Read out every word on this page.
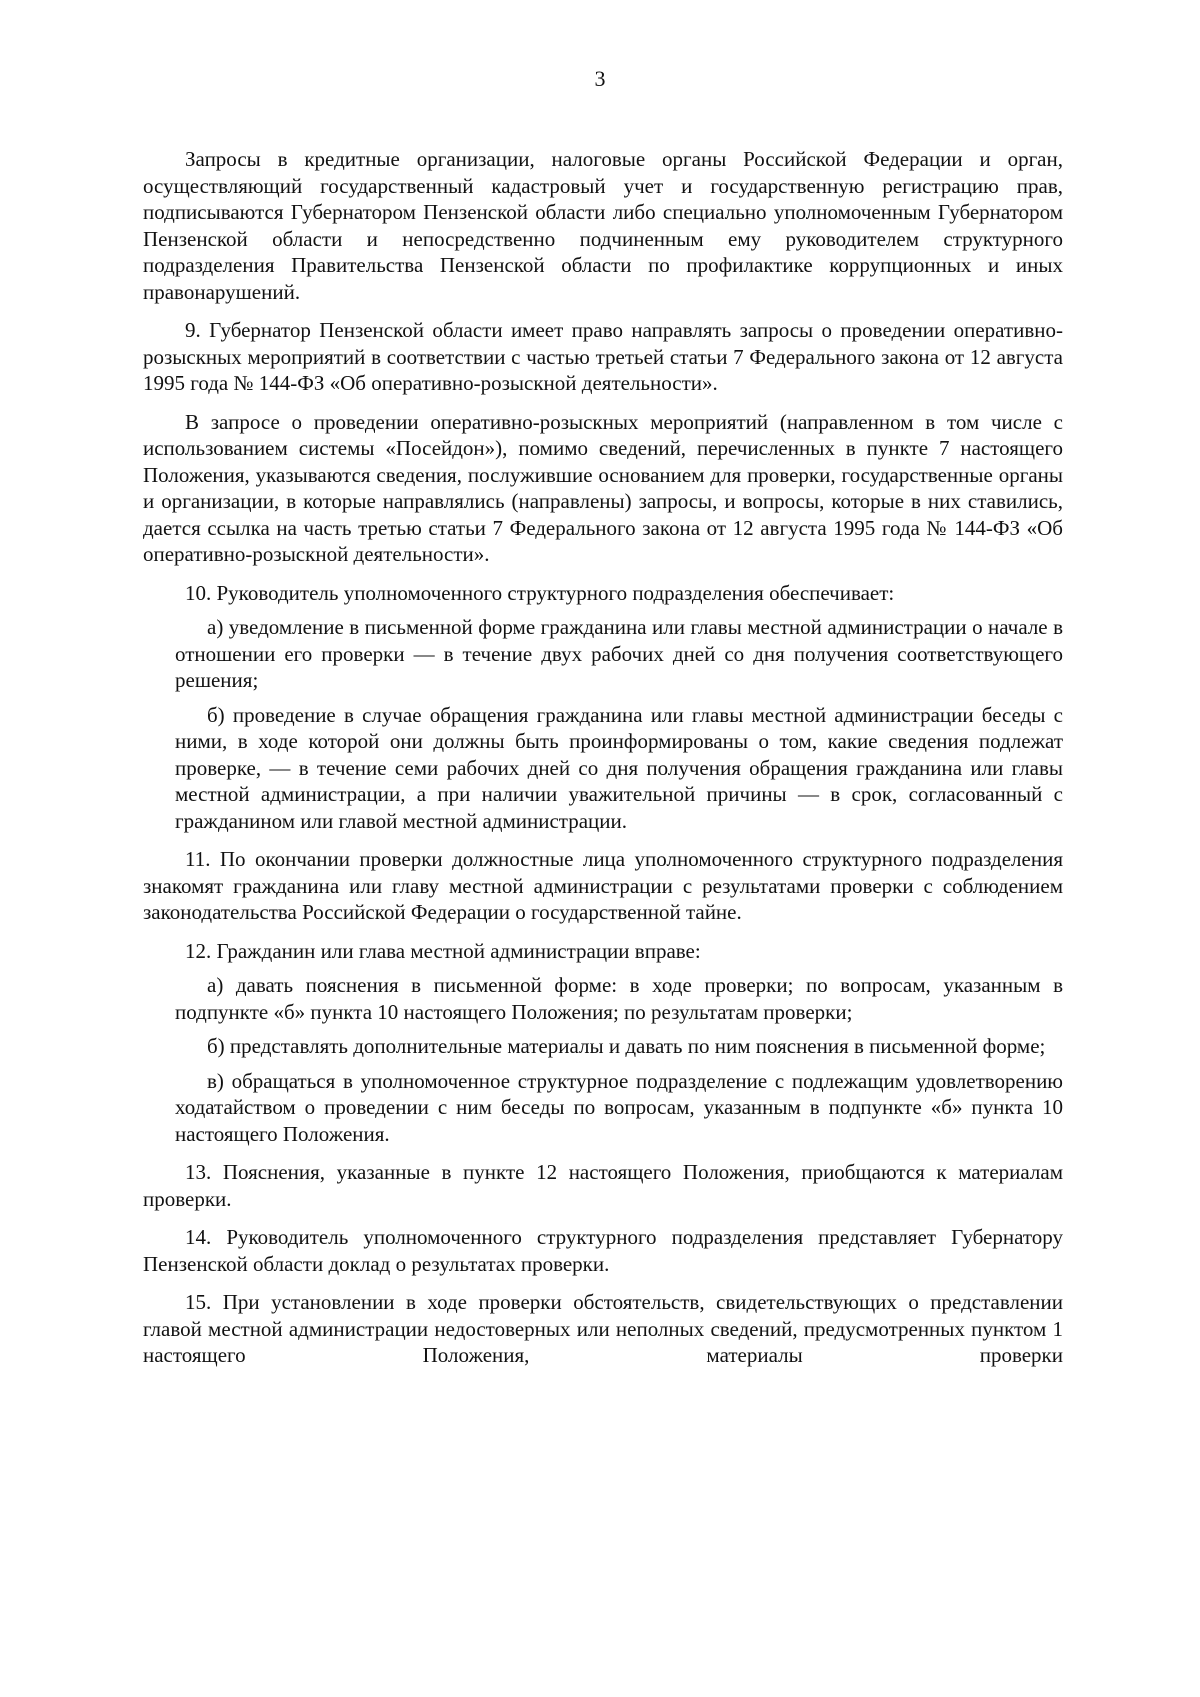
3

Запросы в кредитные организации, налоговые органы Российской Федерации и орган, осуществляющий государственный кадастровый учет и государственную регистрацию прав, подписываются Губернатором Пензенской области либо специально уполномоченным Губернатором Пензенской области и непосредственно подчиненным ему руководителем структурного подразделения Правительства Пензенской области по профилактике коррупционных и иных правонарушений.

9. Губернатор Пензенской области имеет право направлять запросы о проведении оперативно-розыскных мероприятий в соответствии с частью третьей статьи 7 Федерального закона от 12 августа 1995 года № 144-ФЗ «Об оперативно-розыскной деятельности».

В запросе о проведении оперативно-розыскных мероприятий (направленном в том числе с использованием системы «Посейдон»), помимо сведений, перечисленных в пункте 7 настоящего Положения, указываются сведения, послужившие основанием для проверки, государственные органы и организации, в которые направлялись (направлены) запросы, и вопросы, которые в них ставились, дается ссылка на часть третью статьи 7 Федерального закона от 12 августа 1995 года № 144-ФЗ «Об оперативно-розыскной деятельности».

10. Руководитель уполномоченного структурного подразделения обеспечивает:

а) уведомление в письменной форме гражданина или главы местной администрации о начале в отношении его проверки — в течение двух рабочих дней со дня получения соответствующего решения;

б) проведение в случае обращения гражданина или главы местной администрации беседы с ними, в ходе которой они должны быть проинформированы о том, какие сведения подлежат проверке, — в течение семи рабочих дней со дня получения обращения гражданина или главы местной администрации, а при наличии уважительной причины — в срок, согласованный с гражданином или главой местной администрации.

11. По окончании проверки должностные лица уполномоченного структурного подразделения знакомят гражданина или главу местной администрации с результатами проверки с соблюдением законодательства Российской Федерации о государственной тайне.

12. Гражданин или глава местной администрации вправе:

а) давать пояснения в письменной форме: в ходе проверки; по вопросам, указанным в подпункте «б» пункта 10 настоящего Положения; по результатам проверки;

б) представлять дополнительные материалы и давать по ним пояснения в письменной форме;

в) обращаться в уполномоченное структурное подразделение с подлежащим удовлетворению ходатайством о проведении с ним беседы по вопросам, указанным в подпункте «б» пункта 10 настоящего Положения.

13. Пояснения, указанные в пункте 12 настоящего Положения, приобщаются к материалам проверки.

14. Руководитель уполномоченного структурного подразделения представляет Губернатору Пензенской области доклад о результатах проверки.

15. При установлении в ходе проверки обстоятельств, свидетельствующих о представлении главой местной администрации недостоверных или неполных сведений, предусмотренных пунктом 1 настоящего Положения, материалы проверки
